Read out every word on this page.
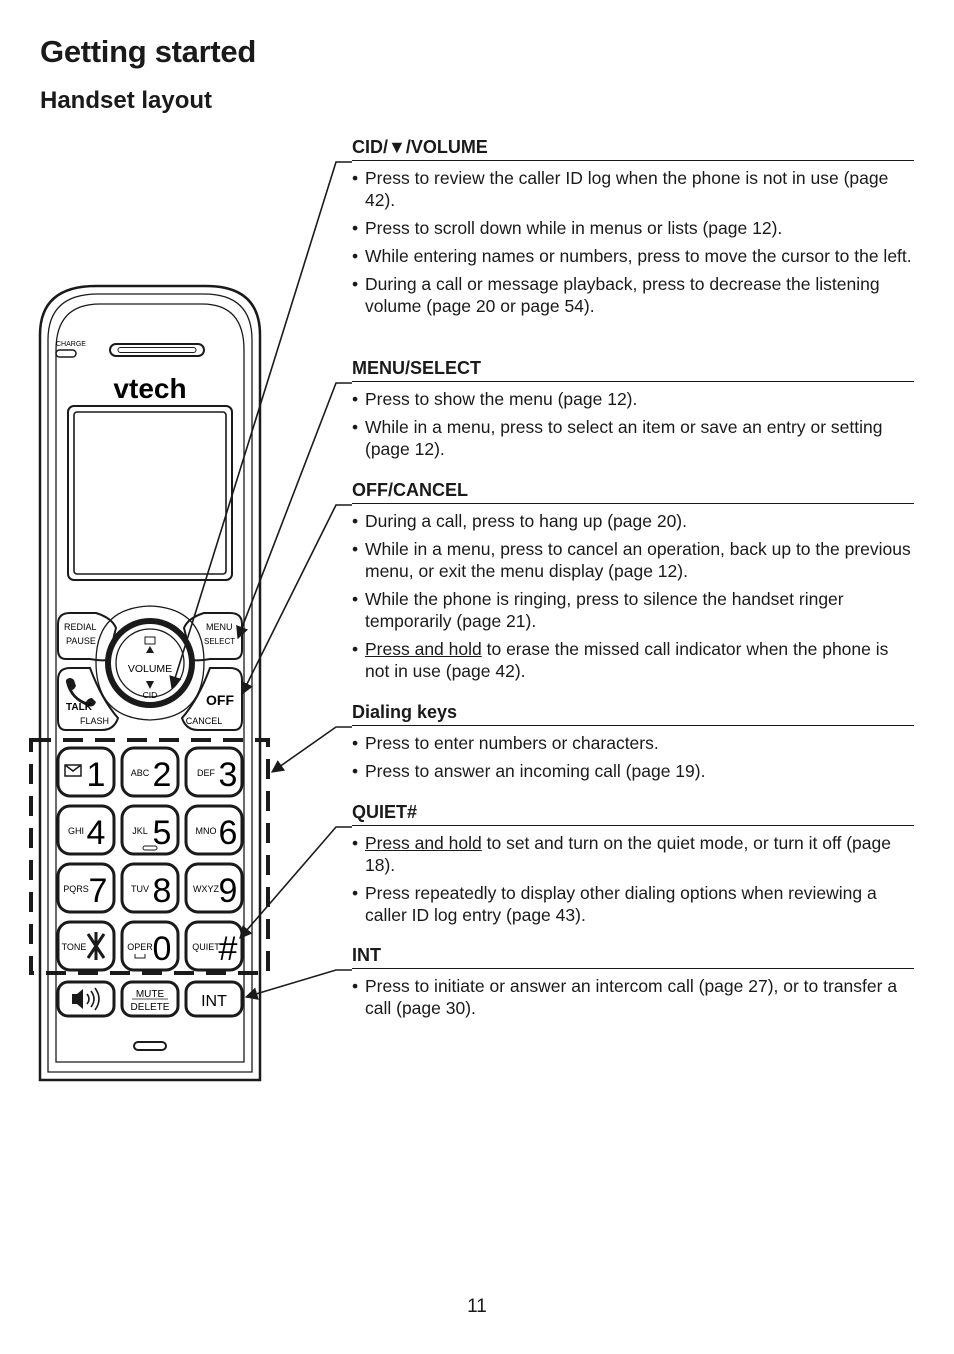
Getting started
Handset layout
CHARGE
vtech
REDIAL
PAUSE
MENU
SELECT
VOLUME
CID
TALK
FLASH
OFF
CANCEL
1	ABC 2	DEF 3
GHI 4	JKL 5	MNO 6
PQRS 7	TUV 8 WXYZ 9
TONE	OPER 0 QUIET
#
MUTE
DELETE INT
CID/▼/VOLUME
• Press to review the caller ID log when the phone is not in use (page 42).
• Press to scroll down while in menus or lists (page 12).
• While entering names or numbers, press to move the cursor to the left.
• During a call or message playback, press to decrease the listening volume (page 20 or page 54).
MENU/SELECT
• Press to show the menu (page 12).
• While in a menu, press to select an item or save an entry or setting (page 12).
OFF/CANCEL
• During a call, press to hang up (page 20).
• While in a menu, press to cancel an operation, back up to the previous menu, or exit the menu display (page 12).
• While the phone is ringing, press to silence the handset ringer temporarily (page 21).
• Press and hold to erase the missed call indicator when the phone is not in use (page 42).
Dialing keys
• Press to enter numbers or characters.
• Press to answer an incoming call (page 19).
QUIET#
• Press and hold to set and turn on the quiet mode, or turn it off (page 18).
• Press repeatedly to display other dialing options when reviewing a caller ID log entry (page 43).
INT
• Press to initiate or answer an intercom call (page 27), or to transfer a call (page 30).
11
